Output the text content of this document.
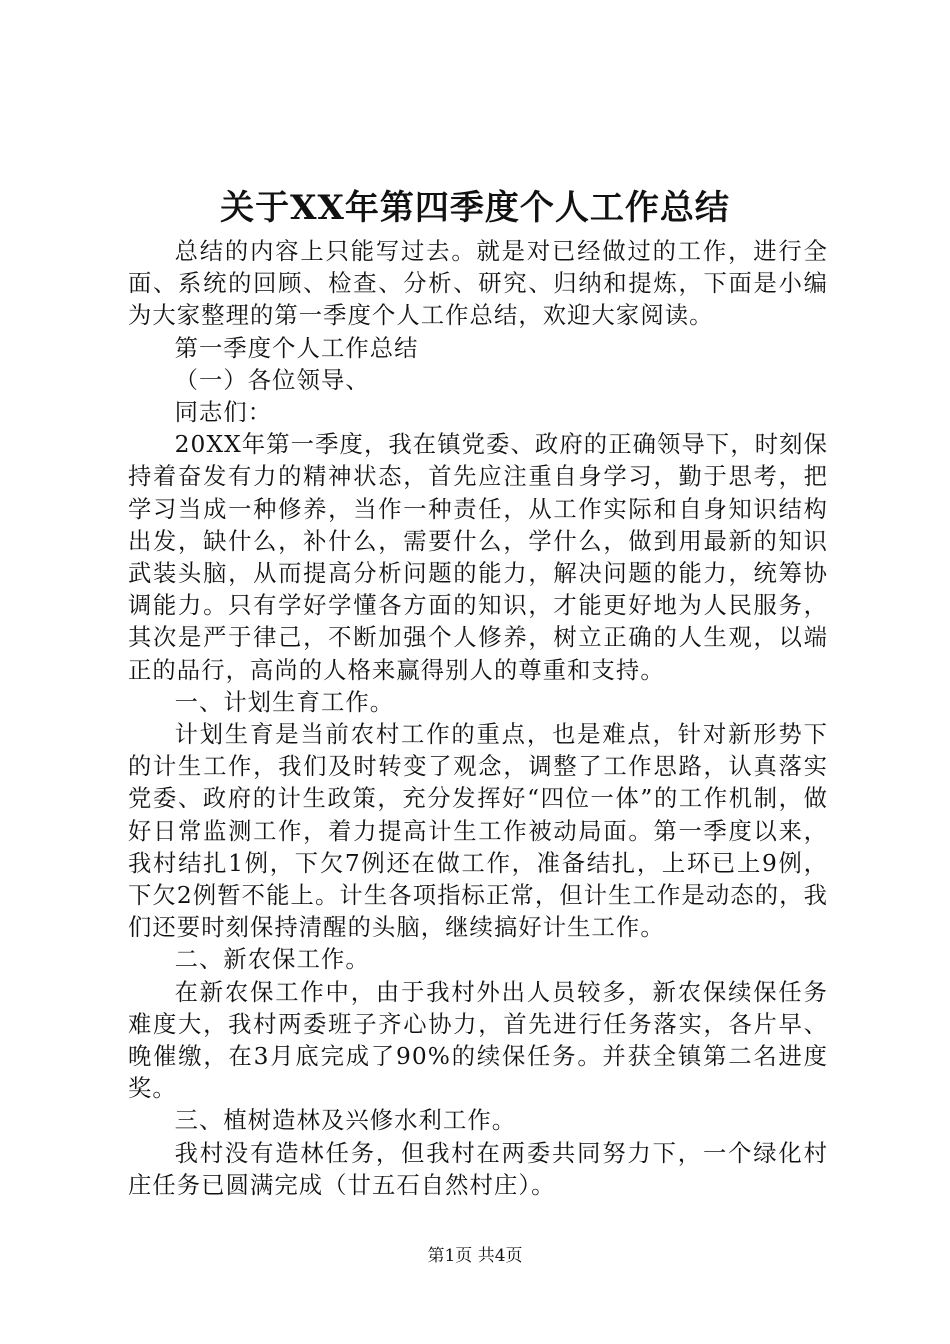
关于XX年第四季度个人工作总结

总结的内容上只能写过去。就是对已经做过的工作，进行全面、系统的回顾、检查、分析、研究、归纳和提炼，下面是小编为大家整理的第一季度个人工作总结，欢迎大家阅读。

第一季度个人工作总结

（一）各位领导、

同志们：

20XX年第一季度，我在镇党委、政府的正确领导下，时刻保持着奋发有力的精神状态，首先应注重自身学习，勤于思考，把学习当成一种修养，当作一种责任，从工作实际和自身知识结构出发，缺什么，补什么，需要什么，学什么，做到用最新的知识武装头脑，从而提高分析问题的能力，解决问题的能力，统筹协调能力。只有学好学懂各方面的知识，才能更好地为人民服务，其次是严于律己，不断加强个人修养，树立正确的人生观，以端正的品行，高尚的人格来赢得别人的尊重和支持。

一、计划生育工作。

计划生育是当前农村工作的重点，也是难点，针对新形势下的计生工作，我们及时转变了观念，调整了工作思路，认真落实党委、政府的计生政策，充分发挥好“四位一体”的工作机制，做好日常监测工作，着力提高计生工作被动局面。第一季度以来，我村结扎1例，下欠7例还在做工作，准备结扎，上环已上9例，下欠2例暂不能上。计生各项指标正常，但计生工作是动态的，我们还要时刻保持清醒的头脑，继续搞好计生工作。

二、新农保工作。

在新农保工作中，由于我村外出人员较多，新农保续保任务难度大，我村两委班子齐心协力，首先进行任务落实，各片早、晚催缴，在3月底完成了90%的续保任务。并获全镇第二名进度奖。

三、植树造林及兴修水利工作。

我村没有造林任务，但我村在两委共同努力下，一个绿化村庄任务已圆满完成（廿五石自然村庄）。

第1页 共4页
